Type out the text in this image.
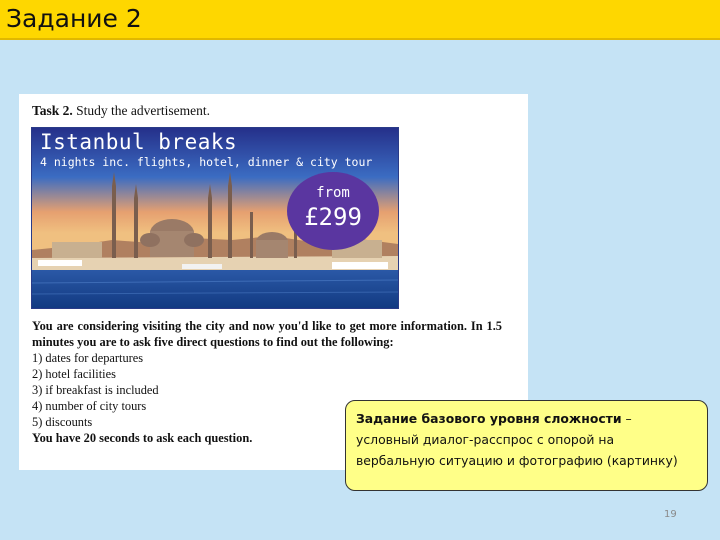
Задание 2
Task 2. Study the advertisement.
Istanbul breaks
4 nights inc. flights, hotel, dinner & city tour
from
£299
You are considering visiting the city and now you'd like to get more information. In 1.5 minutes you are to ask five direct questions to find out the following:
1) dates for departures
2) hotel facilities
3) if breakfast is included
4) number of city tours
5) discounts
You have 20 seconds to ask each question.
Задание базового уровня сложности – условный диалог-расспрос с опорой на вербальную ситуацию и фотографию (картинку)
19
